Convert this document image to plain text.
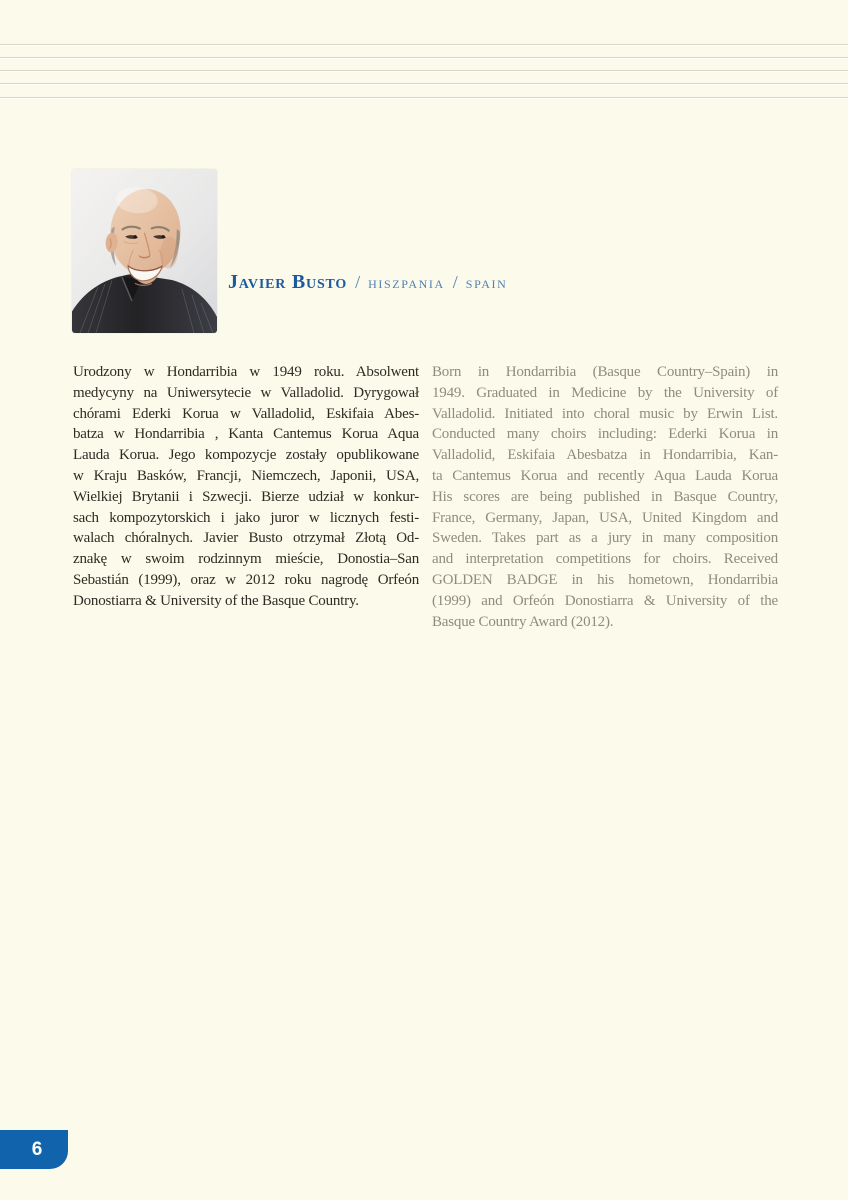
Javier Busto / hiszpania / spain
Urodzony w Hondarribia w 1949 roku. Absolwent
medycyny na Uniwersytecie w Valladolid. Dyrygował
chórami Ederki Korua w Valladolid, Eskifaia Abes-
batza w Hondarribia , Kanta Cantemus Korua Aqua
Lauda Korua. Jego kompozycje zostały opublikowane
w Kraju Basków, Francji, Niemczech, Japonii, USA,
Wielkiej Brytanii i Szwecji. Bierze udział w konkur-
sach kompozytorskich i jako juror w licznych festi-
walach chóralnych. Javier Busto otrzymał Złotą Od-
znakę w swoim rodzinnym mieście, Donostia–San
Sebastián (1999), oraz w 2012 roku nagrodę Orfeón
Donostiarra & University of the Basque Country.
Born in Hondarribia (Basque Country–Spain) in
1949. Graduated in Medicine by the University of
Valladolid. Initiated into choral music by Erwin List.
Conducted many choirs including: Ederki Korua in
Valladolid, Eskifaia Abesbatza in Hondarribia, Kan-
ta Cantemus Korua and recently Aqua Lauda Korua
His scores are being published in Basque Country,
France, Germany, Japan, USA, United Kingdom and
Sweden. Takes part as a jury in many composition
and interpretation competitions for choirs. Received
GOLDEN BADGE in his hometown, Hondarribia
(1999) and Orfeón Donostiarra & University of the
Basque Country Award (2012).
6
